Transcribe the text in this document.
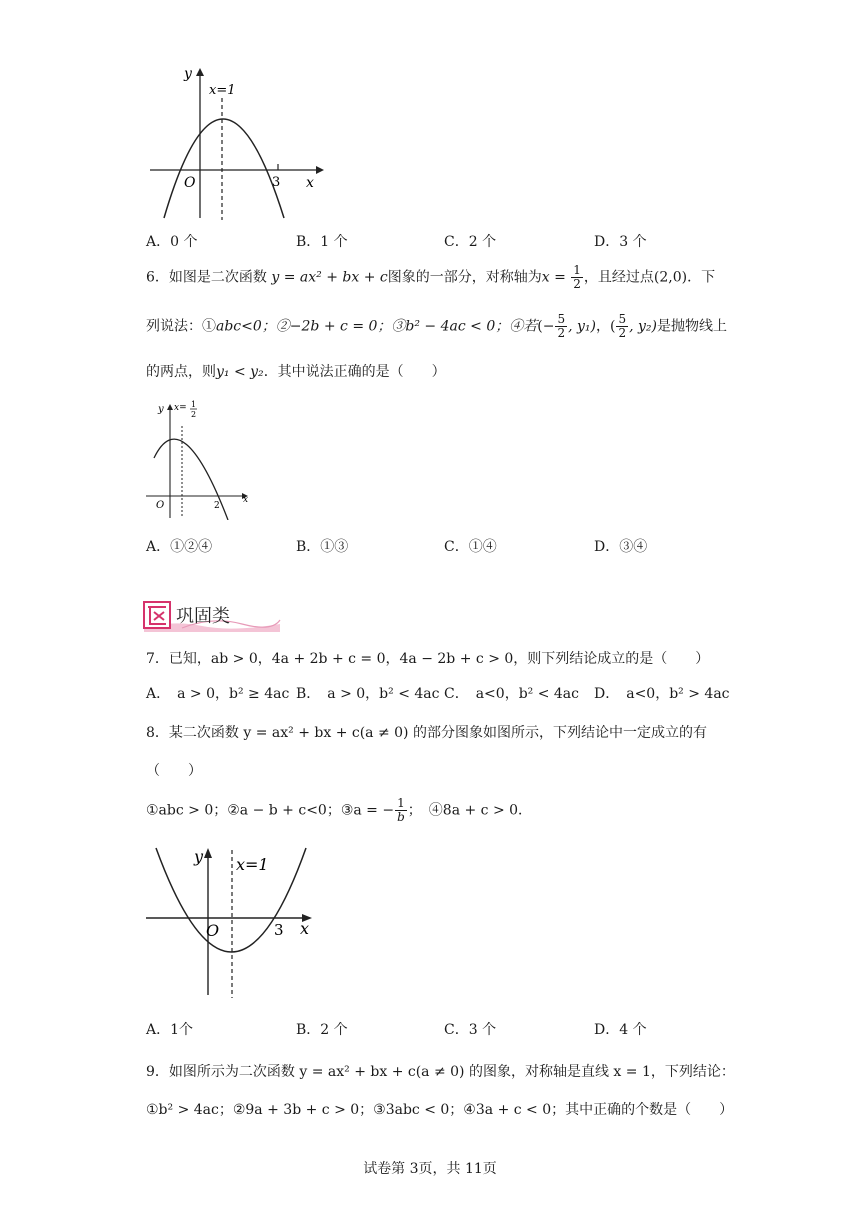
y
x=1
O	3 x
A．0 个	B．1 个	C．2 个	D．3 个
6．如图是二次函数 y = ax² + bx + c图象的一部分，对称轴为$x = \frac{1}{2}$ ，且经过点(2,0)．下
列说法：①abc<0；②−2b + c = 0；③b² − 4ac < 0；④若(− $\frac{5}{2}$ , y₁)，( $\frac{5}{2}$ , y₂)是抛物线上
的两点，则y₁ < y₂．其中说法正确的是（　　）
y x= 1
2
O	2
x
A．①②④	B．①③	C．①④	D．③④
巩固类
7．已知，ab > 0，4a + 2b + c = 0，4a − 2b + c > 0，则下列结论成立的是（　　）
A．　a > 0，b² ≥ 4ac B．　a > 0，b² < 4ac C．　a<0，b² < 4ac D．　a<0，b² > 4ac
8．某二次函数 y = ax² + bx + c(a ≠ 0) 的部分图象如图所示，下列结论中一定成立的有
（　　）
①abc > 0；②a − b + c<0；③a = − $\frac{1}{b}$ ；　④8a + c > 0．
y x=1
O	3 x
A．1个	B．2 个	C．3 个	D．4 个
9．如图所示为二次函数 y = ax² + bx + c(a ≠ 0) 的图象，对称轴是直线 x = 1，下列结论：
①b² > 4ac；②9a + 3b + c > 0；③3abc < 0；④3a + c < 0；其中正确的个数是（　　）
试卷第 3页，共 11页
